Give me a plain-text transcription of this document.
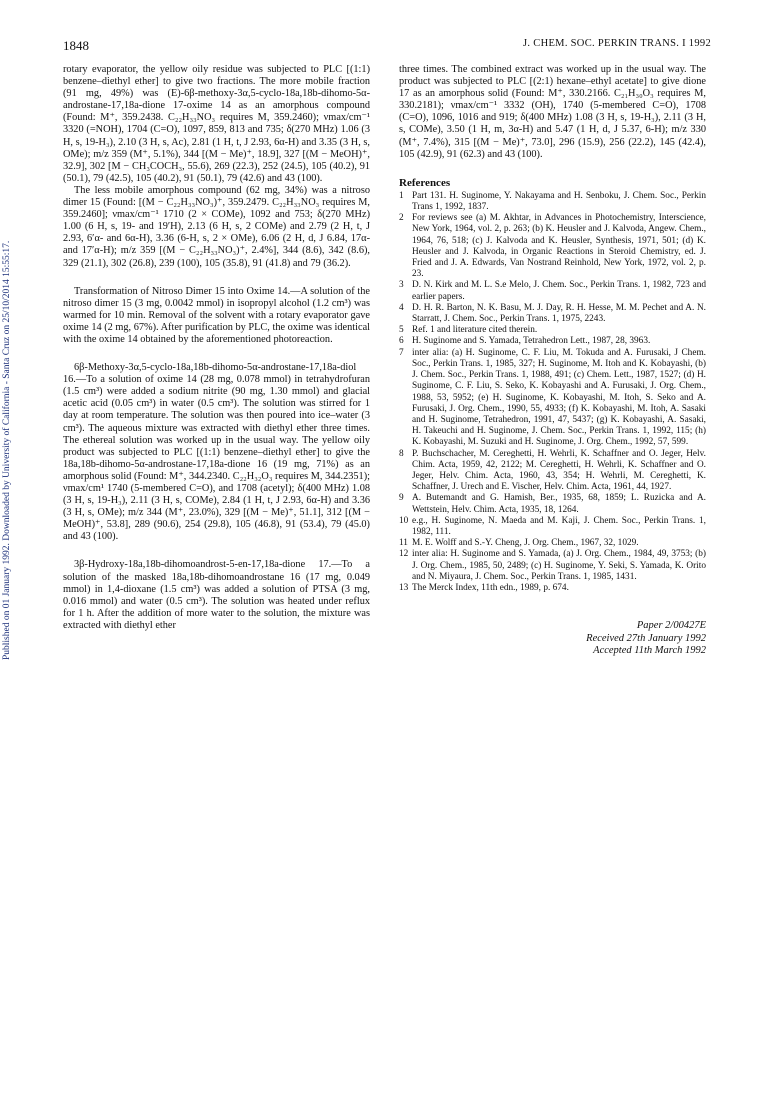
1848	J. CHEM. SOC. PERKIN TRANS. I 1992
Published on 01 January 1992. Downloaded by University of California - Santa Cruz on 25/10/2014 15:55:17.

rotary evaporator, the yellow oily residue was subjected to PLC [(1:1) benzene–diethyl ether] to give two fractions. The more mobile fraction (91 mg, 49%) was (E)-6β-methoxy-3α,5-cyclo-18a,18b-dihomo-5α-androstane-17,18a-dione 17-oxime 14 as an amorphous compound (Found: M⁺, 359.2438. C₂₂H₃₃NO₃ requires M, 359.2460); νmax/cm⁻¹ 3320 (=NOH), 1704 (C=O), 1097, 859, 813 and 735; δ(270 MHz) 1.06 (3 H, s, 19-H₃), 2.10 (3 H, s, Ac), 2.81 (1 H, t, J 2.93, 6α-H) and 3.35 (3 H, s, OMe); m/z 359 (M⁺, 5.1%), 344 [(M − Me)⁺, 18.9], 327 [(M − MeOH)⁺, 32.9], 302 [M − CH₃COCH₃, 55.6), 269 (22.3), 252 (24.5), 105 (40.2), 91 (50.1), 79 (42.5), 105 (40.2), 91 (50.1), 79 (42.6) and 43 (100).

The less mobile amorphous compound (62 mg, 34%) was a nitroso dimer 15 (Found: [(M − C₂₂H₃₃NO₃)⁺, 359.2479. C₂₂H₃₃NO₃ requires M, 359.2460]; νmax/cm⁻¹ 1710 (2 × COMe), 1092 and 753; δ(270 MHz) 1.00 (6 H, s, 19- and 19′H), 2.13 (6 H, s, 2 COMe) and 2.79 (2 H, t, J 2.93, 6′α- and 6α-H), 3.36 (6-H, s, 2 × OMe), 6.06 (2 H, d, J 6.84, 17α- and 17′α-H); m/z 359 [(M − C₂₂H₃₃NO₃)⁺, 2.4%], 344 (8.6), 342 (8.6), 329 (21.1), 302 (26.8), 239 (100), 105 (35.8), 91 (41.8) and 79 (36.2).

Transformation of Nitroso Dimer 15 into Oxime 14.—A solution of the nitroso dimer 15 (3 mg, 0.0042 mmol) in isopropyl alcohol (1.2 cm³) was warmed for 10 min. Removal of the solvent with a rotary evaporator gave oxime 14 (2 mg, 67%). After purification by PLC, the oxime was identical with the oxime 14 obtained by the aforementioned photoreaction.

6β-Methoxy-3α,5-cyclo-18a,18b-dihomo-5α-androstane-17,18a-diol 16.—To a solution of oxime 14 (28 mg, 0.078 mmol) in tetrahydrofuran (1.5 cm³) were added a sodium nitrite (90 mg, 1.30 mmol) and glacial acetic acid (0.05 cm³) in water (0.5 cm³). The solution was stirred for 1 day at room temperature. The solution was then poured into ice–water (3 cm³). The aqueous mixture was extracted with diethyl ether three times. The ethereal solution was worked up in the usual way. The yellow oily product was subjected to PLC [(1:1) benzene–diethyl ether] to give the 18a,18b-dihomo-5α-androstane-17,18a-dione 16 (19 mg, 71%) as an amorphous solid (Found: M⁺, 344.2340. C₂₂H₃₂O₃ requires M, 344.2351); νmax/cm¹ 1740 (5-membered C=O), and 1708 (acetyl); δ(400 MHz) 1.08 (3 H, s, 19-H₃), 2.11 (3 H, s, COMe), 2.84 (1 H, t, J 2.93, 6α-H) and 3.36 (3 H, s, OMe); m/z 344 (M⁺, 23.0%), 329 [(M − Me)⁺, 51.1], 312 [(M − MeOH)⁺, 53.8], 289 (90.6), 254 (29.8), 105 (46.8), 91 (53.4), 79 (45.0) and 43 (100).

3β-Hydroxy-18a,18b-dihomoandrost-5-en-17,18a-dione 17.—To a solution of the masked 18a,18b-dihomoandrostane 16 (17 mg, 0.049 mmol) in 1,4-dioxane (1.5 cm³) was added a solution of PTSA (3 mg, 0.016 mmol) and water (0.5 cm³). The solution was heated under reflux for 1 h. After the addition of more water to the solution, the mixture was extracted with diethyl ether

three times. The combined extract was worked up in the usual way. The product was subjected to PLC [(2:1) hexane–ethyl acetate] to give dione 17 as an amorphous solid (Found: M⁺, 330.2166. C₂₁H₃₀O₃ requires M, 330.2181); νmax/cm⁻¹ 3332 (OH), 1740 (5-membered C=O), 1708 (C=O), 1096, 1016 and 919; δ(400 MHz) 1.08 (3 H, s, 19-H₃), 2.11 (3 H, s, COMe), 3.50 (1 H, m, 3α-H) and 5.47 (1 H, d, J 5.37, 6-H); m/z 330 (M⁺, 7.4%), 315 [(M − Me)⁺, 73.0], 296 (15.9), 256 (22.2), 145 (42.4), 105 (42.9), 91 (62.3) and 43 (100).

References
1 Part 131. H. Suginome, Y. Nakayama and H. Senboku, J. Chem. Soc., Perkin Trans 1, 1992, 1837.
2 For reviews see (a) M. Akhtar, in Advances in Photochemistry, Interscience, New York, 1964, vol. 2, p. 263; (b) K. Heusler and J. Kalvoda, Angew. Chem., 1964, 76, 518; (c) J. Kalvoda and K. Heusler, Synthesis, 1971, 501; (d) K. Heusler and J. Kalvoda, in Organic Reactions in Steroid Chemistry, ed. J. Fried and J. A. Edwards, Van Nostrand Reinhold, New York, 1972, vol. 2, p. 23.
3 D. N. Kirk and M. L. S.e Melo, J. Chem. Soc., Perkin Trans. 1, 1982, 723 and earlier papers.
4 D. H. R. Barton, N. K. Basu, M. J. Day, R. H. Hesse, M. M. Pechet and A. N. Starratt, J. Chem. Soc., Perkin Trans. 1, 1975, 2243.
5 Ref. 1 and literature cited therein.
6 H. Suginome and S. Yamada, Tetrahedron Lett., 1987, 28, 3963.
7 inter alia: (a) H. Suginome, C. F. Liu, M. Tokuda and A. Furusaki, J Chem. Soc., Perkin Trans. 1, 1985, 327; H. Suginome, M. Itoh and K. Kobayashi, (b) J. Chem. Soc., Perkin Trans. 1, 1988, 491; (c) Chem. Lett., 1987, 1527; (d) H. Suginome, C. F. Liu, S. Seko, K. Kobayashi and A. Furusaki, J. Org. Chem., 1988, 53, 5952; (e) H. Suginome, K. Kobayashi, M. Itoh, S. Seko and A. Furusaki, J. Org. Chem., 1990, 55, 4933; (f) K. Kobayashi, M. Itoh, A. Sasaki and H. Suginome, Tetrahedron, 1991, 47, 5437; (g) K. Kobayashi, A. Sasaki, H. Takeuchi and H. Suginome, J. Chem. Soc., Perkin Trans. 1, 1992, 115; (h) K. Kobayashi, M. Suzuki and H. Suginome, J. Org. Chem., 1992, 57, 599.
8 P. Buchschacher, M. Cereghetti, H. Wehrli, K. Schaffner and O. Jeger, Helv. Chim. Acta, 1959, 42, 2122; M. Cereghetti, H. Wehrli, K. Schaffner and O. Jeger, Helv. Chim. Acta, 1960, 43, 354; H. Wehrli, M. Cereghetti, K. Schaffner, J. Urech and E. Vischer, Helv. Chim. Acta, 1961, 44, 1927.
9 A. Butemandt and G. Hamish, Ber., 1935, 68, 1859; L. Ruzicka and A. Wettstein, Helv. Chim. Acta, 1935, 18, 1264.
10 e.g., H. Suginome, N. Maeda and M. Kaji, J. Chem. Soc., Perkin Trans. 1, 1982, 111.
11 M. E. Wolff and S.-Y. Cheng, J. Org. Chem., 1967, 32, 1029.
12 inter alia: H. Suginome and S. Yamada, (a) J. Org. Chem., 1984, 49, 3753; (b) J. Org. Chem., 1985, 50, 2489; (c) H. Suginome, Y. Seki, S. Yamada, K. Orito and N. Miyaura, J. Chem. Soc., Perkin Trans. 1, 1985, 1431.
13 The Merck Index, 11th edn., 1989, p. 674.
Paper 2/00427E
Received 27th January 1992
Accepted 11th March 1992
